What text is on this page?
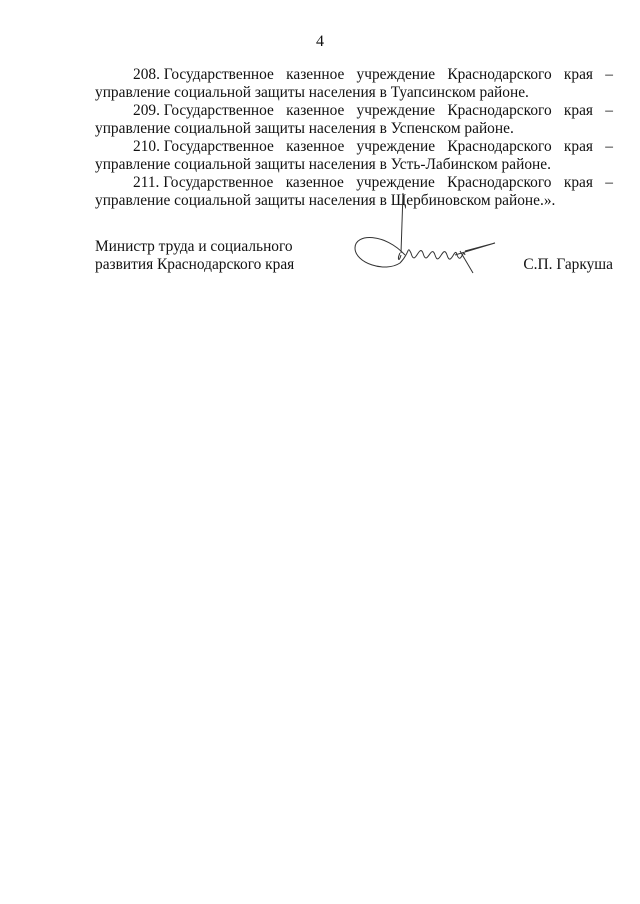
4
208. Государственное казенное учреждение Краснодарского края –
управление социальной защиты населения в Туапсинском районе.
209. Государственное казенное учреждение Краснодарского края –
управление социальной защиты населения в Успенском районе.
210. Государственное казенное учреждение Краснодарского края –
управление социальной защиты населения в Усть-Лабинском районе.
211. Государственное казенное учреждение Краснодарского края –
управление социальной защиты населения в Щербиновском районе.».
Министр труда и социального
развития Краснодарского края	С.П. Гаркуша
